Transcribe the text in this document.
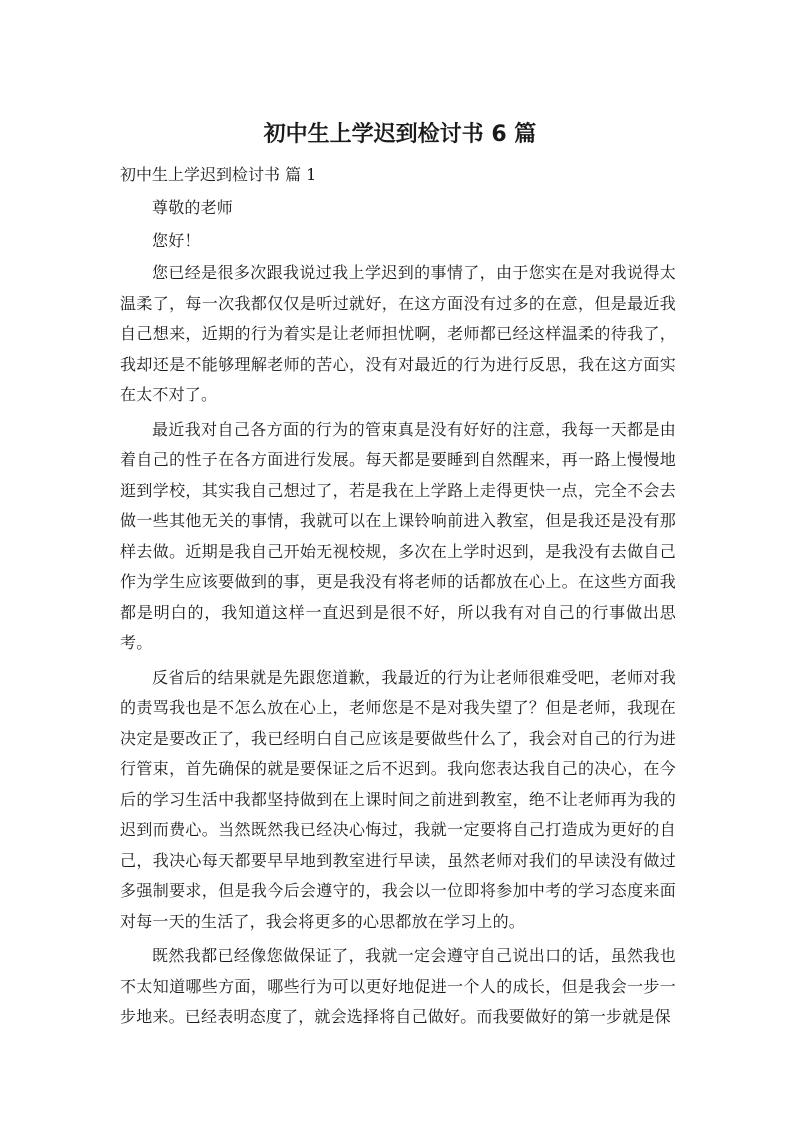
初中生上学迟到检讨书 6 篇
初中生上学迟到检讨书 篇 1

尊敬的老师

您好！

您已经是很多次跟我说过我上学迟到的事情了，由于您实在是对我说得太温柔了，每一次我都仅仅是听过就好，在这方面没有过多的在意，但是最近我自己想来，近期的行为着实是让老师担忧啊，老师都已经这样温柔的待我了，我却还是不能够理解老师的苦心，没有对最近的行为进行反思，我在这方面实在太不对了。

最近我对自己各方面的行为的管束真是没有好好的注意，我每一天都是由着自己的性子在各方面进行发展。每天都是要睡到自然醒来，再一路上慢慢地逛到学校，其实我自己想过了，若是我在上学路上走得更快一点，完全不会去做一些其他无关的事情，我就可以在上课铃响前进入教室，但是我还是没有那样去做。近期是我自己开始无视校规，多次在上学时迟到，是我没有去做自己作为学生应该要做到的事，更是我没有将老师的话都放在心上。在这些方面我都是明白的，我知道这样一直迟到是很不好，所以我有对自己的行事做出思考。

反省后的结果就是先跟您道歉，我最近的行为让老师很难受吧，老师对我的责骂我也是不怎么放在心上，老师您是不是对我失望了？但是老师，我现在决定是要改正了，我已经明白自己应该是要做些什么了，我会对自己的行为进行管束，首先确保的就是要保证之后不迟到。我向您表达我自己的决心，在今后的学习生活中我都坚持做到在上课时间之前进到教室，绝不让老师再为我的迟到而费心。当然既然我已经决心悔过，我就一定要将自己打造成为更好的自己，我决心每天都要早早地到教室进行早读，虽然老师对我们的早读没有做过多强制要求，但是我今后会遵守的，我会以一位即将参加中考的学习态度来面对每一天的生活了，我会将更多的心思都放在学习上的。

既然我都已经像您做保证了，我就一定会遵守自己说出口的话，虽然我也不太知道哪些方面，哪些行为可以更好地促进一个人的成长，但是我会一步一步地来。已经表明态度了，就会选择将自己做好。而我要做好的第一步就是保
